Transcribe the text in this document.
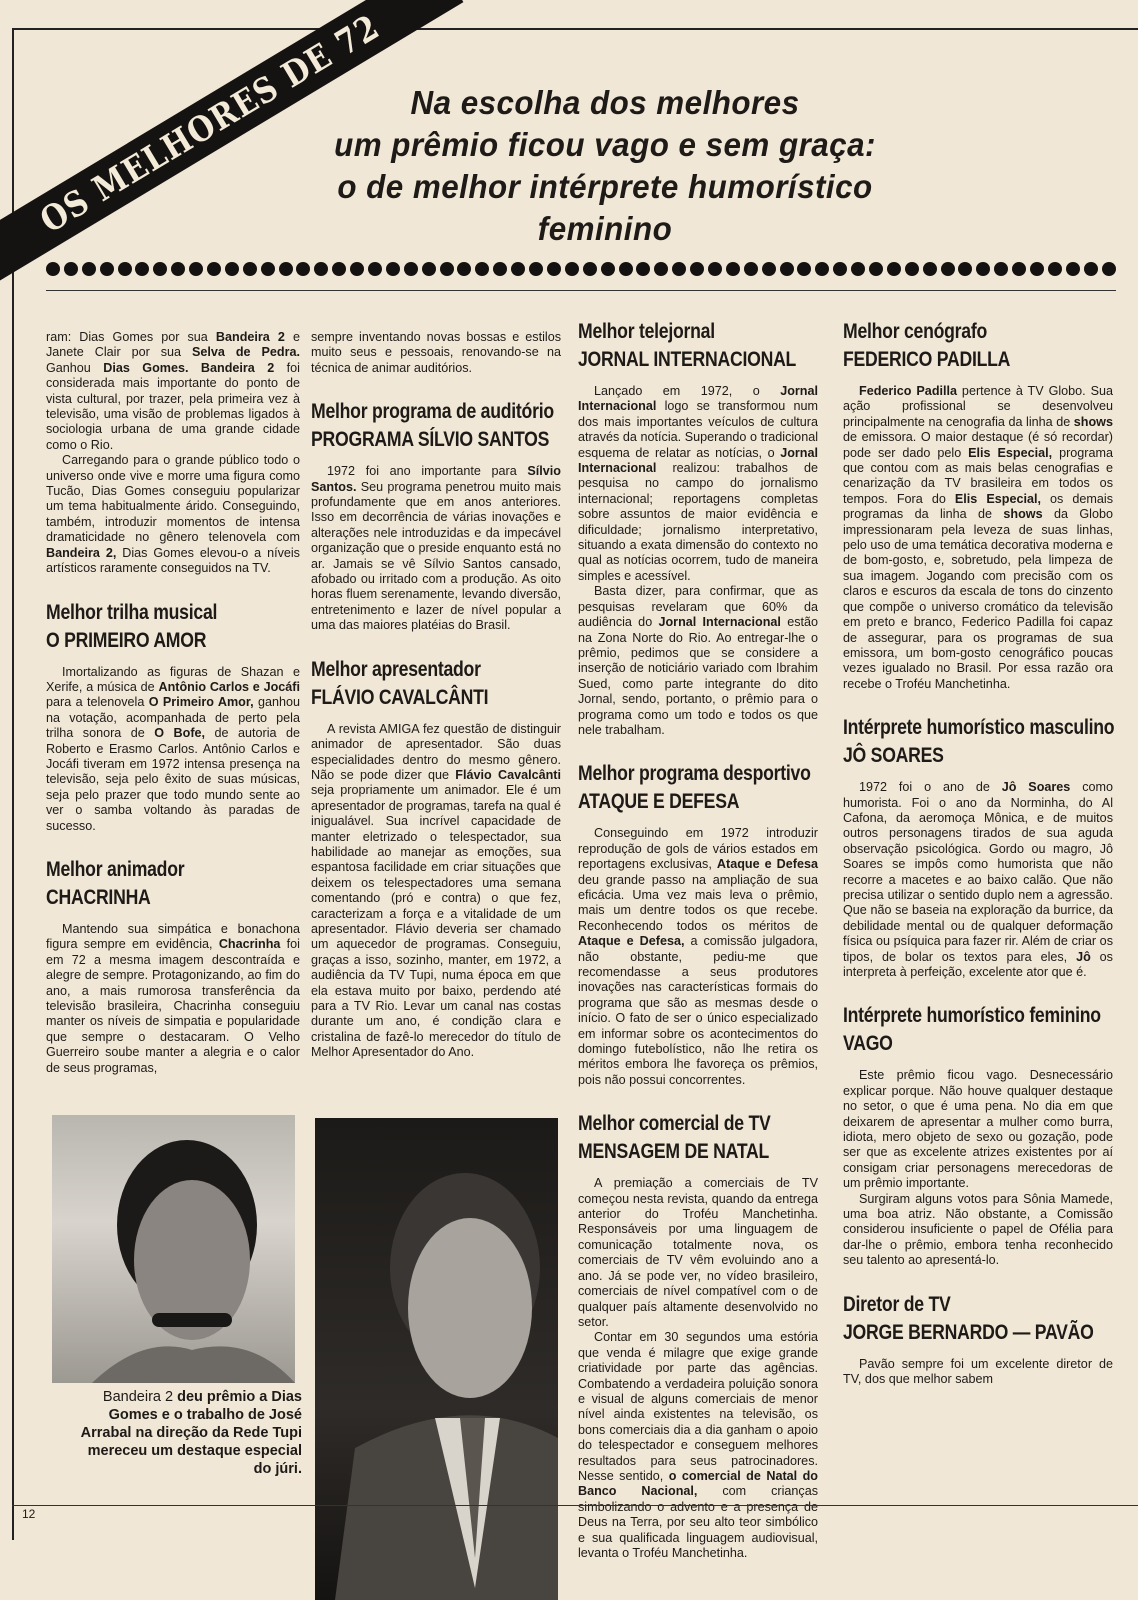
OS MELHORES DE 72 Na escolha dos melhores
um prêmio ficou vago e sem graça:
o de melhor intérprete humorístico
feminino

ram: Dias Gomes por sua Bandeira 2 e Janete Clair por sua Selva de Pedra. Ganhou Dias Gomes. Bandeira 2 foi considerada mais importante do ponto de vista cultural, por trazer, pela primeira vez à televisão, uma visão de problemas ligados à sociologia urbana de uma grande cidade como o Rio.

Carregando para o grande público todo o universo onde vive e morre uma figura como Tucão, Dias Gomes conseguiu popularizar um tema habitualmente árido. Conseguindo, também, introduzir momentos de intensa dramaticidade no gênero telenovela com Bandeira 2, Dias Gomes elevou-o a níveis artísticos raramente conseguidos na TV.

Melhor trilha musical
O PRIMEIRO AMOR

Imortalizando as figuras de Shazan e Xerife, a música de Antônio Carlos e Jocáfi para a telenovela O Primeiro Amor, ganhou na votação, acompanhada de perto pela trilha sonora de O Bofe, de autoria de Roberto e Erasmo Carlos. Antônio Carlos e Jocáfi tiveram em 1972 intensa presença na televisão, seja pelo êxito de suas músicas, seja pelo prazer que todo mundo sente ao ver o samba voltando às paradas de sucesso.

Melhor animador
CHACRINHA

Mantendo sua simpática e bonachona figura sempre em evidência, Chacrinha foi em 72 a mesma imagem descontraída e alegre de sempre. Protagonizando, ao fim do ano, a mais rumorosa transferência da televisão brasileira, Chacrinha conseguiu manter os níveis de simpatia e popularidade que sempre o destacaram. O Velho Guerreiro soube manter a alegria e o calor de seus programas,

sempre inventando novas bossas e estilos muito seus e pessoais, renovando-se na técnica de animar auditórios.

Melhor programa de auditório
PROGRAMA SÍLVIO SANTOS

1972 foi ano importante para Sílvio Santos. Seu programa penetrou muito mais profundamente que em anos anteriores. Isso em decorrência de várias inovações e alterações nele introduzidas e da impecável organização que o preside enquanto está no ar. Jamais se vê Sílvio Santos cansado, afobado ou irritado com a produção. As oito horas fluem serenamente, levando diversão, entretenimento e lazer de nível popular a uma das maiores platéias do Brasil.

Melhor apresentador
FLÁVIO CAVALCÂNTI

A revista AMIGA fez questão de distinguir animador de apresentador. São duas especialidades dentro do mesmo gênero. Não se pode dizer que Flávio Cavalcânti seja propriamente um animador. Ele é um apresentador de programas, tarefa na qual é inigualável. Sua incrível capacidade de manter eletrizado o telespectador, sua habilidade ao manejar as emoções, sua espantosa facilidade em criar situações que deixem os telespectadores uma semana comentando (pró e contra) o que fez, caracterizam a força e a vitalidade de um apresentador. Flávio deveria ser chamado um aquecedor de programas. Conseguiu, graças a isso, sozinho, manter, em 1972, a audiência da TV Tupi, numa época em que ela estava muito por baixo, perdendo até para a TV Rio. Levar um canal nas costas durante um ano, é condição clara e cristalina de fazê-lo merecedor do título de Melhor Apresentador do Ano.

Melhor telejornal
JORNAL INTERNACIONAL

Lançado em 1972, o Jornal Internacional logo se transformou num dos mais importantes veículos de cultura através da notícia. Superando o tradicional esquema de relatar as notícias, o Jornal Internacional realizou: trabalhos de pesquisa no campo do jornalismo internacional; reportagens completas sobre assuntos de maior evidência e dificuldade; jornalismo interpretativo, situando a exata dimensão do contexto no qual as notícias ocorrem, tudo de maneira simples e acessível.

Basta dizer, para confirmar, que as pesquisas revelaram que 60% da audiência do Jornal Internacional estão na Zona Norte do Rio. Ao entregar-lhe o prêmio, pedimos que se considere a inserção de noticiário variado com Ibrahim Sued, como parte integrante do dito Jornal, sendo, portanto, o prêmio para o programa como um todo e todos os que nele trabalham.

Melhor programa desportivo
ATAQUE E DEFESA

Conseguindo em 1972 introduzir reprodução de gols de vários estados em reportagens exclusivas, Ataque e Defesa deu grande passo na ampliação de sua eficácia. Uma vez mais leva o prêmio, mais um dentre todos os que recebe. Reconhecendo todos os méritos de Ataque e Defesa, a comissão julgadora, não obstante, pediu-me que recomendasse a seus produtores inovações nas características formais do programa que são as mesmas desde o início. O fato de ser o único especializado em informar sobre os acontecimentos do domingo futebolístico, não lhe retira os méritos embora lhe favoreça os prêmios, pois não possui concorrentes.

Melhor comercial de TV
MENSAGEM DE NATAL

A premiação a comerciais de TV começou nesta revista, quando da entrega anterior do Troféu Manchetinha. Responsáveis por uma linguagem de comunicação totalmente nova, os comerciais de TV vêm evoluindo ano a ano. Já se pode ver, no vídeo brasileiro, comerciais de nível compatível com o de qualquer país altamente desenvolvido no setor.

Contar em 30 segundos uma estória que venda é milagre que exige grande criatividade por parte das agências. Combatendo a verdadeira poluição sonora e visual de alguns comerciais de menor nível ainda existentes na televisão, os bons comerciais dia a dia ganham o apoio do telespectador e conseguem melhores resultados para seus patrocinadores. Nesse sentido, o comercial de Natal do Banco Nacional, com crianças simbolizando o advento e a presença de Deus na Terra, por seu alto teor simbólico e sua qualificada linguagem audiovisual, levanta o Troféu Manchetinha.

Melhor cenógrafo
FEDERICO PADILLA

Federico Padilla pertence à TV Globo. Sua ação profissional se desenvolveu principalmente na cenografia da linha de shows de emissora. O maior destaque (é só recordar) pode ser dado pelo Elis Especial, programa que contou com as mais belas cenografias e cenarização da TV brasileira em todos os tempos. Fora do Elis Especial, os demais programas da linha de shows da Globo impressionaram pela leveza de suas linhas, pelo uso de uma temática decorativa moderna e de bom-gosto, e, sobretudo, pela limpeza de sua imagem. Jogando com precisão com os claros e escuros da escala de tons do cinzento que compõe o universo cromático da televisão em preto e branco, Federico Padilla foi capaz de assegurar, para os programas de sua emissora, um bom-gosto cenográfico poucas vezes igualado no Brasil. Por essa razão ora recebe o Troféu Manchetinha.

Intérprete humorístico masculino
JÔ SOARES

1972 foi o ano de Jô Soares como humorista. Foi o ano da Norminha, do Al Cafona, da aeromoça Mônica, e de muitos outros personagens tirados de sua aguda observação psicológica. Gordo ou magro, Jô Soares se impôs como humorista que não recorre a macetes e ao baixo calão. Que não precisa utilizar o sentido duplo nem a agressão. Que não se baseia na exploração da burrice, da debilidade mental ou de qualquer deformação física ou psíquica para fazer rir. Além de criar os tipos, de bolar os textos para eles, Jô os interpreta à perfeição, excelente ator que é.

Intérprete humorístico feminino
VAGO

Este prêmio ficou vago. Desnecessário explicar porque. Não houve qualquer destaque no setor, o que é uma pena. No dia em que deixarem de apresentar a mulher como burra, idiota, mero objeto de sexo ou gozação, pode ser que as excelente atrizes existentes por aí consigam criar personagens merecedoras de um prêmio importante.

Surgiram alguns votos para Sônia Mamede, uma boa atriz. Não obstante, a Comissão considerou insuficiente o papel de Ofélia para dar-lhe o prêmio, embora tenha reconhecido seu talento ao apresentá-lo.

Diretor de TV
JORGE BERNARDO — PAVÃO

Pavão sempre foi um excelente diretor de TV, dos que melhor sabem

Bandeira 2 deu prêmio a Dias Gomes e o trabalho de José Arrabal na direção da Rede Tupi mereceu um destaque especial do júri.
12
